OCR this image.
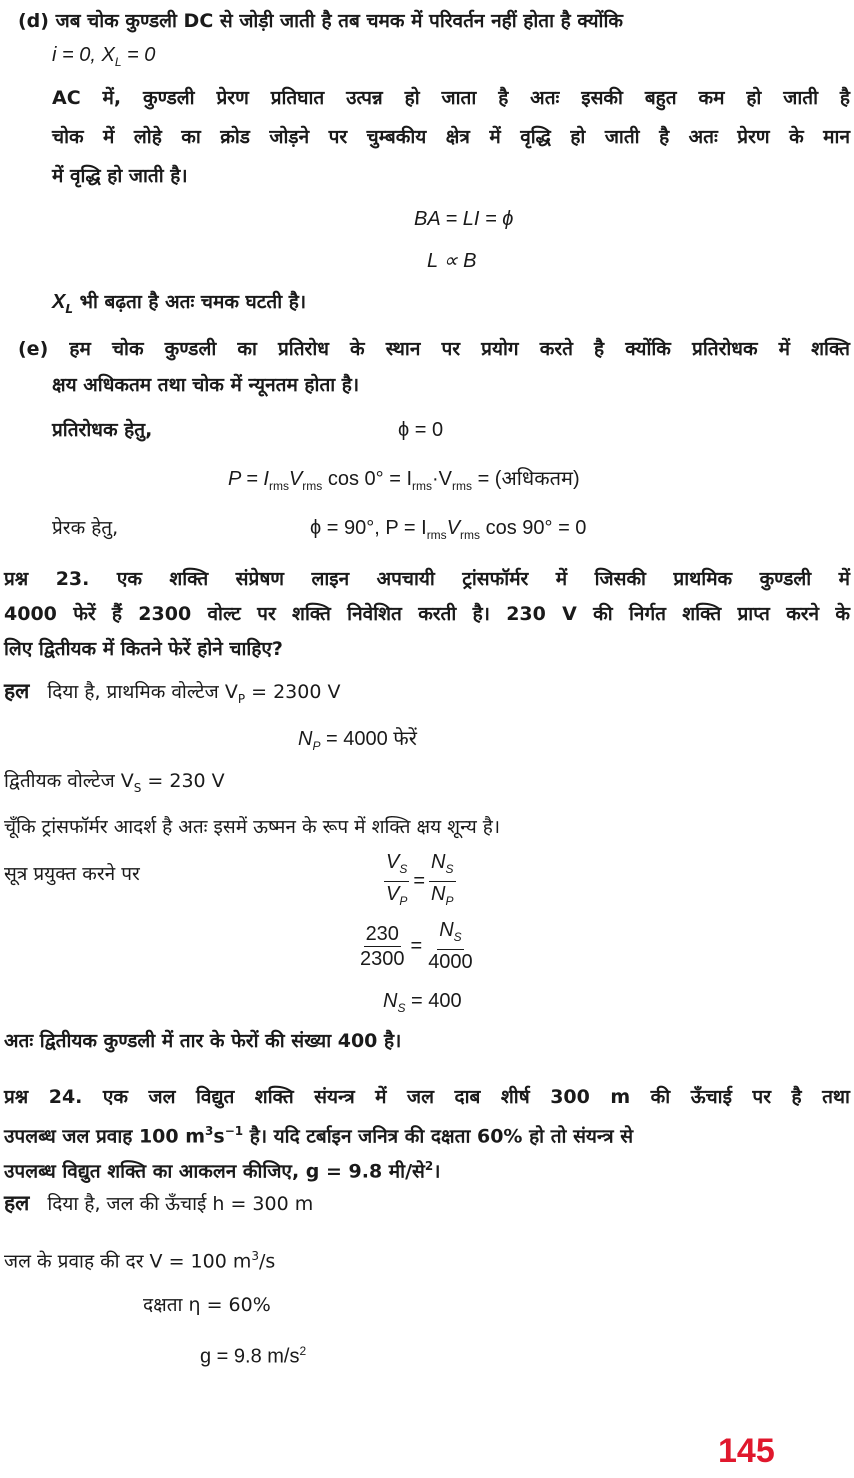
(d) जब चोक कुण्डली DC से जोड़ी जाती है तब चमक में परिवर्तन नहीं होता है क्योंकि
i = 0, $X_L = 0$
AC में, कुण्डली प्रेरण प्रतिघात उत्पन्न हो जाता है अतः इसकी बहुत कम हो जाती है
चोक में लोहे का क्रोड जोड़ने पर चुम्बकीय क्षेत्र में वृद्धि हो जाती है अतः प्रेरण के मान
में वृद्धि हो जाती है।
BA = LI = ϕ
L ∝ B
$X_L$ भी बढ़ता है अतः चमक घटती है।
(e) हम चोक कुण्डली का प्रतिरोध के स्थान पर प्रयोग करते है क्योंकि प्रतिरोधक में शक्ति
क्षय अधिकतम तथा चोक में न्यूनतम होता है।
प्रतिरोधक हेतु,	ϕ = 0
$P = I_{rms}V_{rms}$ $\cos 0^\circ = I_{rms}\cdot V_{rms}$ = (अधिकतम)
प्रेरक हेतु,	ϕ = 90°, $P = I_{rms}V_{rms}$ cos 90° = 0
प्रश्न 23. एक शक्ति संप्रेषण लाइन अपचायी ट्रांसफॉर्मर में जिसकी प्राथमिक कुण्डली में
4000 फेरें हैं 2300 वोल्ट पर शक्ति निवेशित करती है। 230 V की निर्गत शक्ति प्राप्त करने के
लिए द्वितीयक में कितने फेरें होने चाहिए?
हल दिया है, प्राथमिक वोल्टेज $V_P = 2300$ V
$N_P = 4000$ फेरें
द्वितीयक वोल्टेज $V_S = 230$ V
चूँकि ट्रांसफॉर्मर आदर्श है अतः इसमें ऊष्मन के रूप में शक्ति क्षय शून्य है।
सूत्र प्रयुक्त करने पर	$\frac{V_S}{V_P} = \frac{N_S}{N_P}$
$\frac{230}{2300} = \frac{N_S}{4000}$
$N_S = 400$
अतः द्वितीयक कुण्डली में तार के फेरों की संख्या 400 है।
प्रश्न 24. एक जल विद्युत शक्ति संयन्त्र में जल दाब शीर्ष 300 m की ऊँचाई पर है तथा
उपलब्ध जल प्रवाह 100 $m^3s^{-1}$ है। यदि टर्बाइन जनित्र की दक्षता 60% हो तो संयन्त्र से
उपलब्ध विद्युत शक्ति का आकलन कीजिए, g = 9.8 मी/से$^2$।
हल दिया है, जल की ऊँचाई h = 300 m
जल के प्रवाह की दर V = 100 $m^3/s$
दक्षता η = 60%
g = 9.8 $m/s^2$
145
